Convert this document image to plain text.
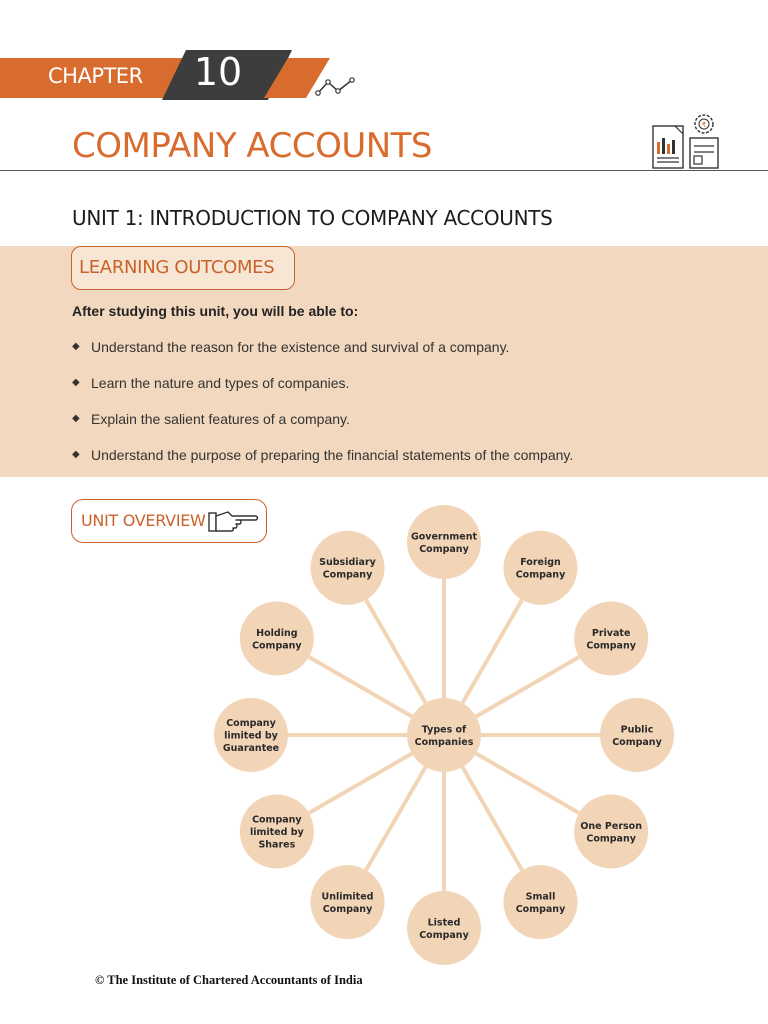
CHAPTER 10
COMPANY ACCOUNTS
₹
UNIT 1: INTRODUCTION TO COMPANY ACCOUNTS
LEARNING OUTCOMES

After studying this unit, you will be able to:

◆ Understand the reason for the existence and survival of a company.
◆ Learn the nature and types of companies.
◆ Explain the salient features of a company.
◆ Understand the purpose of preparing the financial statements of the company.
UNIT OVERVIEW
Government
Company
Foreign
Company
Private
Company
Public
Company
One Person
Company
Small
Company
Listed
Company
Unlimited
Company
Company
limited by
Shares
Company
limited by
Guarantee
Holding
Company
Subsidiary
Company
Types of
Companies

© The Institute of Chartered Accountants of India
